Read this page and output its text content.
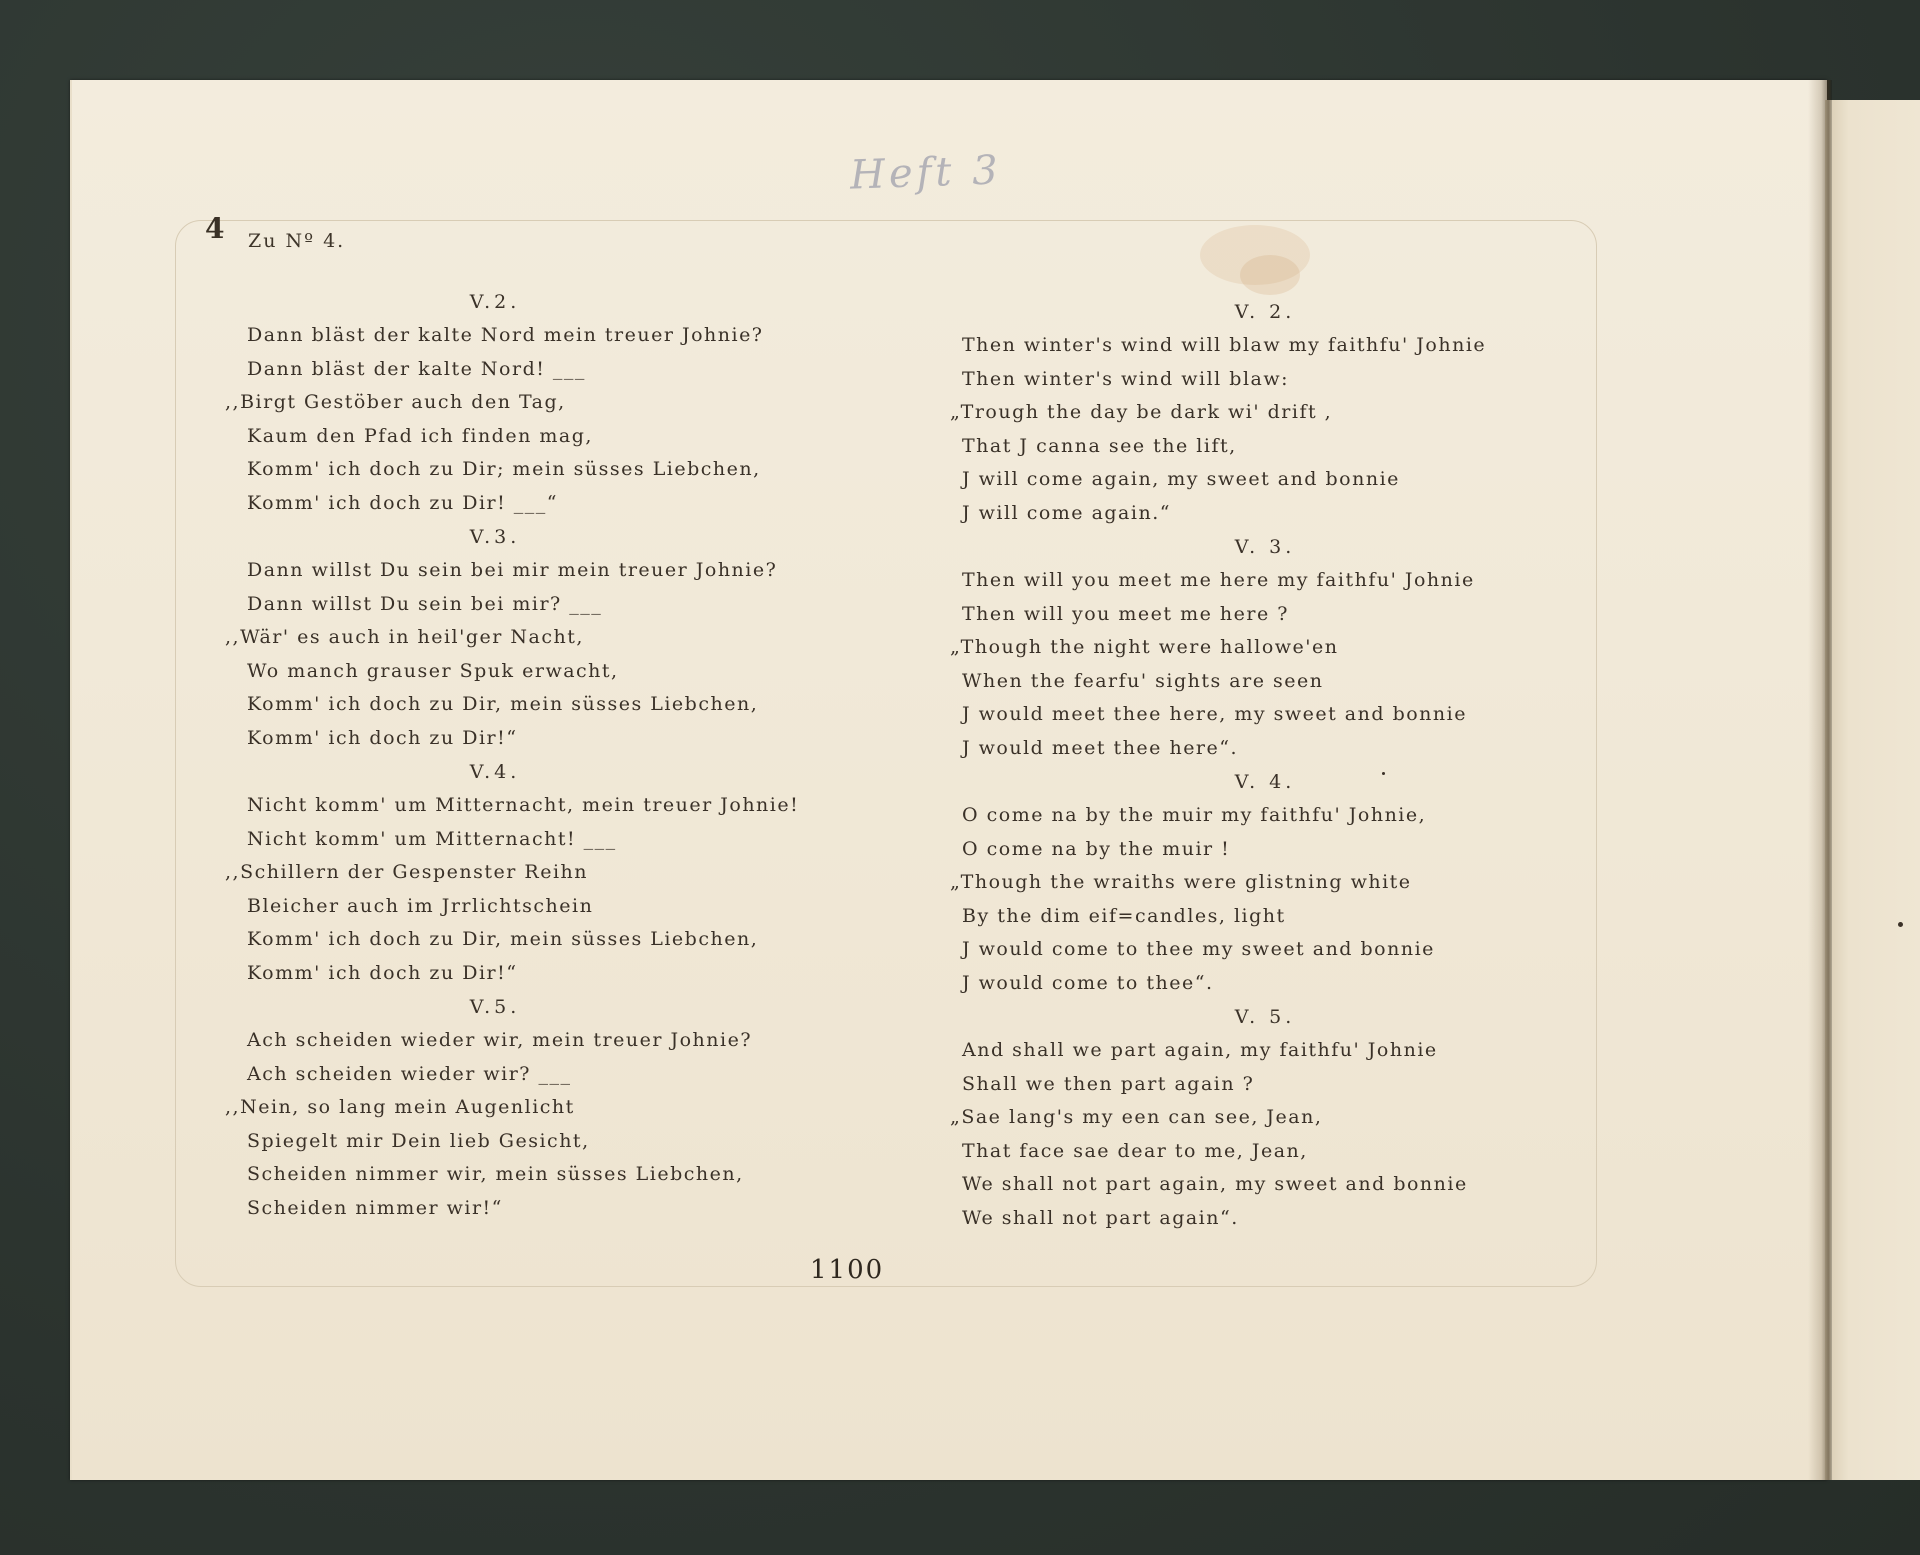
Heft 3
4 Zu Nº 4.
V.2.
Dann bläst der kalte Nord mein treuer Johnie?
Dann bläst der kalte Nord! ___
,,Birgt Gestöber auch den Tag,
Kaum den Pfad ich finden mag,
Komm' ich doch zu Dir; mein süsses Liebchen,
Komm' ich doch zu Dir! ___“
V.3.
Dann willst Du sein bei mir mein treuer Johnie?
Dann willst Du sein bei mir? ___
,,Wär' es auch in heil'ger Nacht,
Wo manch grauser Spuk erwacht,
Komm' ich doch zu Dir, mein süsses Liebchen,
Komm' ich doch zu Dir!“
V.4.
Nicht komm' um Mitternacht, mein treuer Johnie!
Nicht komm' um Mitternacht! ___
,,Schillern der Gespenster Reihn
Bleicher auch im Jrrlichtschein
Komm' ich doch zu Dir, mein süsses Liebchen,
Komm' ich doch zu Dir!“
V.5.
Ach scheiden wieder wir, mein treuer Johnie?
Ach scheiden wieder wir? ___
,,Nein, so lang mein Augenlicht
Spiegelt mir Dein lieb Gesicht,
Scheiden nimmer wir, mein süsses Liebchen,
Scheiden nimmer wir!“
V. 2.
Then winter's wind will blaw my faithfu' Johnie
Then winter's wind will blaw:
„Trough the day be dark wi' drift ,
That J canna see the lift,
J will come again, my sweet and bonnie
J will come again.“
V. 3.
Then will you meet me here my faithfu' Johnie
Then will you meet me here ?
„Though the night were hallowe'en
When the fearfu' sights are seen
J would meet thee here, my sweet and bonnie
J would meet thee here“.
V. 4.
O come na by the muir my faithfu' Johnie,
O come na by the muir !
„Though the wraiths were glistning white
By the dim eif=candles, light
J would come to thee my sweet and bonnie
J would come to thee“.
V. 5.
And shall we part again, my faithfu' Johnie
Shall we then part again ?
„Sae lang's my een can see, Jean,
That face sae dear to me, Jean,
We shall not part again, my sweet and bonnie
We shall not part again“.
1100
